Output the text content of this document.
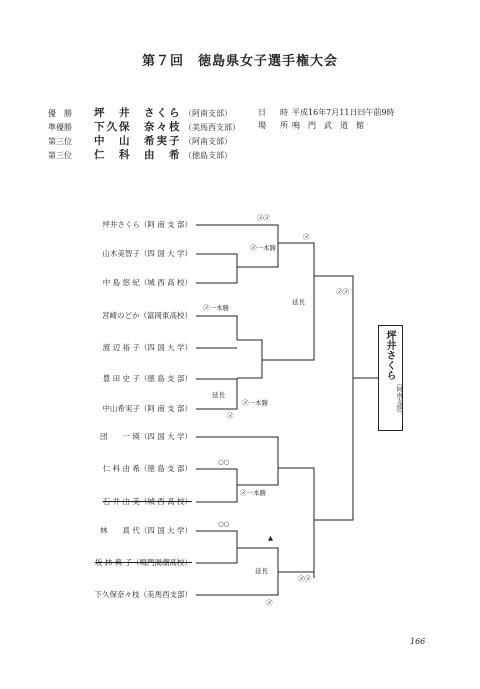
第７回　徳島県女子選手権大会
優　勝 坪　井　さくら （阿南支部）
準優勝 下久保　奈々枝 （美馬西支部）
第三位 中　山　希実子 （阿南支部）
第三位 仁　科　由　希 （徳島支部）
日　時平成16年7月11日㈰午前9時
場　所鳴　門　武　道　館
坪井さくら（阿 南 支 部）
山木美智子（四 国 大 学）
中 島 悠 紀（城 西 高 校）
宮崎のどか（富岡東高校）
渡 辺 裕 子（四 国 大 学）
豊 田 史 子（徳 島 支 部）
中山希実子（阿 南 支 部）
団　　一 瑛（四 国 大 学）
仁 科 由 希（徳 島 支 部）
石 井 由 美（城 西 高 校）
林　　真 代（四 国 大 学）
坂 林 典 子（鳴門渦潮高校）
下久保奈々枝（美馬西支部）
㋱㋱
㋱一本勝
㋱
延長
㋱㋱
㋱一本勝
延長
㋱一本勝
㋱
○○
㋱一本勝
○○
▲
延長
㋱㋱
㋱
坪井さくら
（阿南支部）
166
